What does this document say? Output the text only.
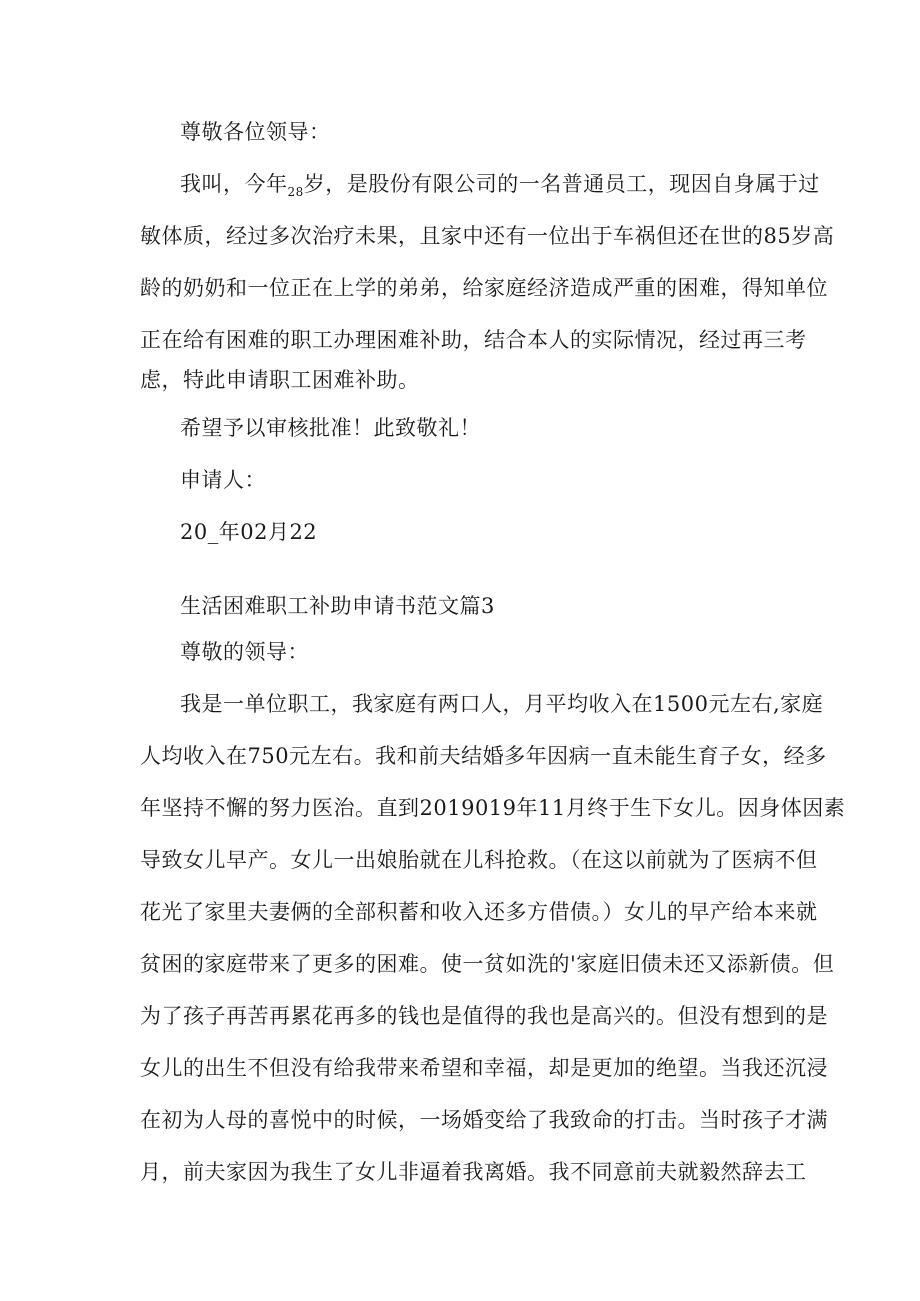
尊敬各位领导：
我叫，今年$_{28}$岁，是股份有限公司的一名普通员工，现因自身属于过
敏体质，经过多次治疗未果，且家中还有一位出于车祸但还在世的85岁高
龄的奶奶和一位正在上学的弟弟，给家庭经济造成严重的困难，得知单位
正在给有困难的职工办理困难补助，结合本人的实际情况，经过再三考
虑，特此申请职工困难补助。
希望予以审核批准！此致敬礼！
申请人：
20_年02月22
生活困难职工补助申请书范文篇3
尊敬的领导：
我是一单位职工，我家庭有两口人，月平均收入在1500元左右,家庭
人均收入在750元左右。我和前夫结婚多年因病一直未能生育子女，经多
年坚持不懈的努力医治。直到2019019年11月终于生下女儿。因身体因素
导致女儿早产。女儿一出娘胎就在儿科抢救。（在这以前就为了医病不但
花光了家里夫妻俩的全部积蓄和收入还多方借债。）女儿的早产给本来就
贫困的家庭带来了更多的困难。使一贫如洗的'家庭旧债未还又添新债。但
为了孩子再苦再累花再多的钱也是值得的我也是高兴的。但没有想到的是
女儿的出生不但没有给我带来希望和幸福，却是更加的绝望。当我还沉浸
在初为人母的喜悦中的时候，一场婚变给了我致命的打击。当时孩子才满
月，前夫家因为我生了女儿非逼着我离婚。我不同意前夫就毅然辞去工
